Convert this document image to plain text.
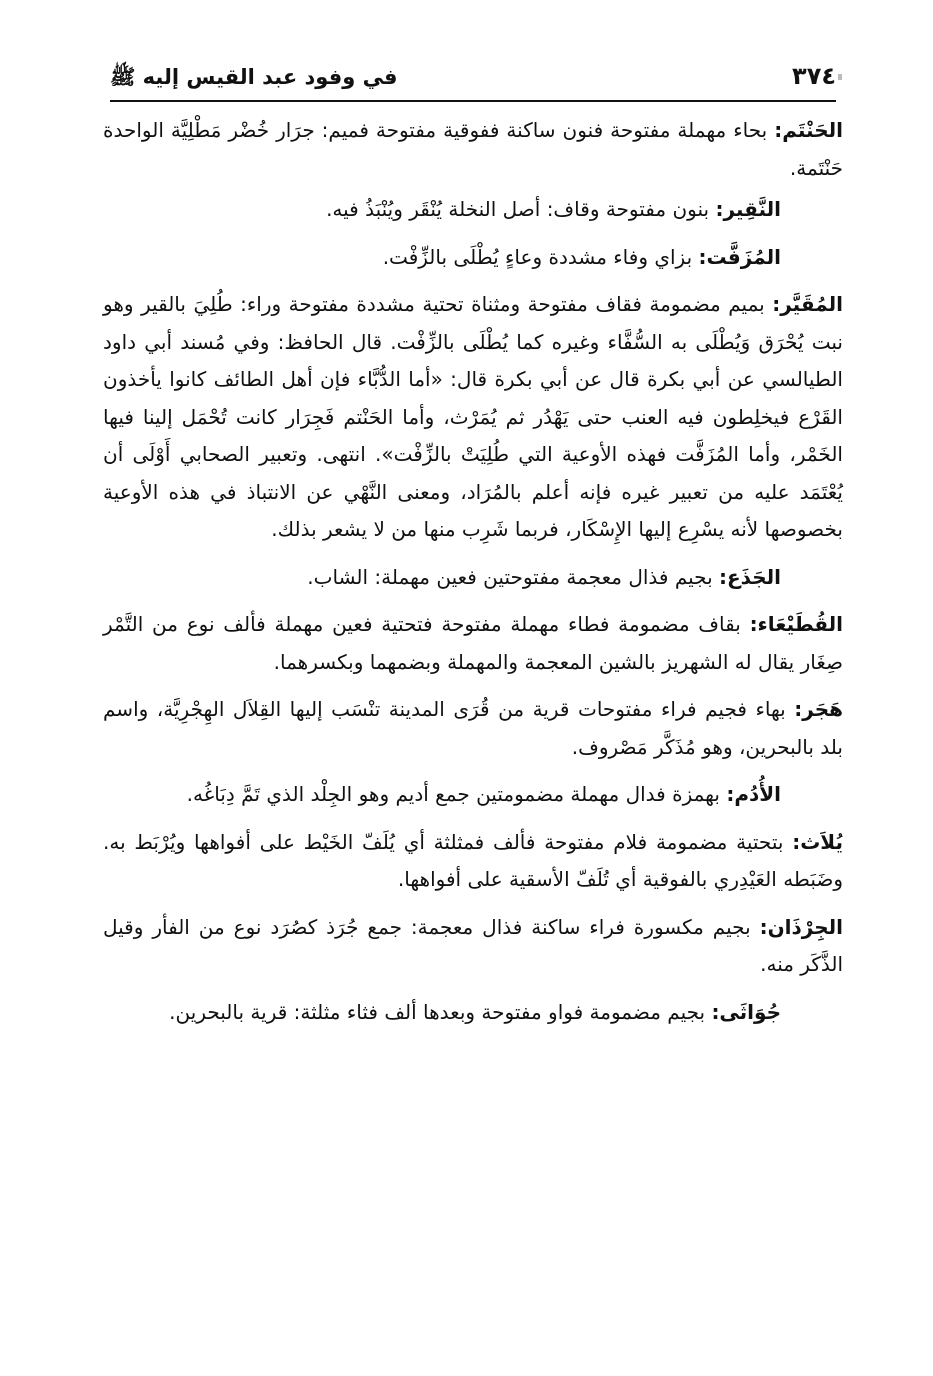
٣٧٤
في وفود عبد القيس إليه ﷺ

الحَنْتَم: بحاء مهملة مفتوحة فنون ساكنة ففوقية مفتوحة فميم: جرَار خُضْر مَطْلِيَّة الواحدة حَنْتَمة.

النَّقِير: بنون مفتوحة وقاف: أصل النخلة يُنْقَر ويُنْبَذُ فيه.

المُزَفَّت: بزاي وفاء مشددة وعاءٍ يُطْلَى بالزِّفْت.

المُقَيَّر: بميم مضمومة فقاف مفتوحة ومثناة تحتية مشددة مفتوحة وراء: طُلِيَ بالقير وهو نبت يُحْرَق وَيُطْلَى به السُّفَّاء وغيره كما يُطْلَى بالزِّفْت. قال الحافظ: وفي مُسند أبي داود الطيالسي عن أبي بكرة قال عن أبي بكرة قال: «أما الدُّبَّاء فإن أهل الطائف كانوا يأخذون القَرْع فيخلِطون فيه العنب حتى يَهْدُر ثم يُمَرْث، وأما الحَنْتم فَجِرَار كانت تُحْمَل إلينا فيها الخَمْر، وأما المُزَفَّت فهذه الأوعية التي طُلِيَتْ بالزِّفْت». انتهى. وتعبير الصحابي أَوْلَى أن يُعْتَمَد عليه من تعبير غيره فإنه أعلم بالمُرَاد، ومعنى النَّهْي عن الانتباذ في هذه الأوعية بخصوصها لأنه يسْرِع إليها الإِسْكَار، فربما شَرِب منها من لا يشعر بذلك.

الجَذَع: بجيم فذال معجمة مفتوحتين فعين مهملة: الشاب.

القُطَيْعَاء: بقاف مضمومة فطاء مهملة مفتوحة فتحتية فعين مهملة فألف نوع من التَّمْر صِغَار يقال له الشهريز بالشين المعجمة والمهملة وبضمهما وبكسرهما.

هَجَر: بهاء فجيم فراء مفتوحات قرية من قُرَى المدينة تنْسَب إليها القِلاَل الهِجْرِيَّة، واسم بلد بالبحرين، وهو مُذَكَّر مَصْروف.

الأُدُم: بهمزة فدال مهملة مضمومتين جمع أديم وهو الجِلْد الذي تَمَّ دِبَاغُه.

يُلاَث: بتحتية مضمومة فلام مفتوحة فألف فمثلثة أي يُلَفّ الخَيْط على أفواهها ويُرْبَط به. وضَبَطه العَيْدِري بالفوقية أي تُلَفّ الأسقية على أفواهها.

الجِرْذَان: بجيم مكسورة فراء ساكنة فذال معجمة: جمع جُرَذ كصُرَد نوع من الفأر وقيل الذَّكَر منه.

جُوَاثَى: بجيم مضمومة فواو مفتوحة وبعدها ألف فثاء مثلثة: قرية بالبحرين.
